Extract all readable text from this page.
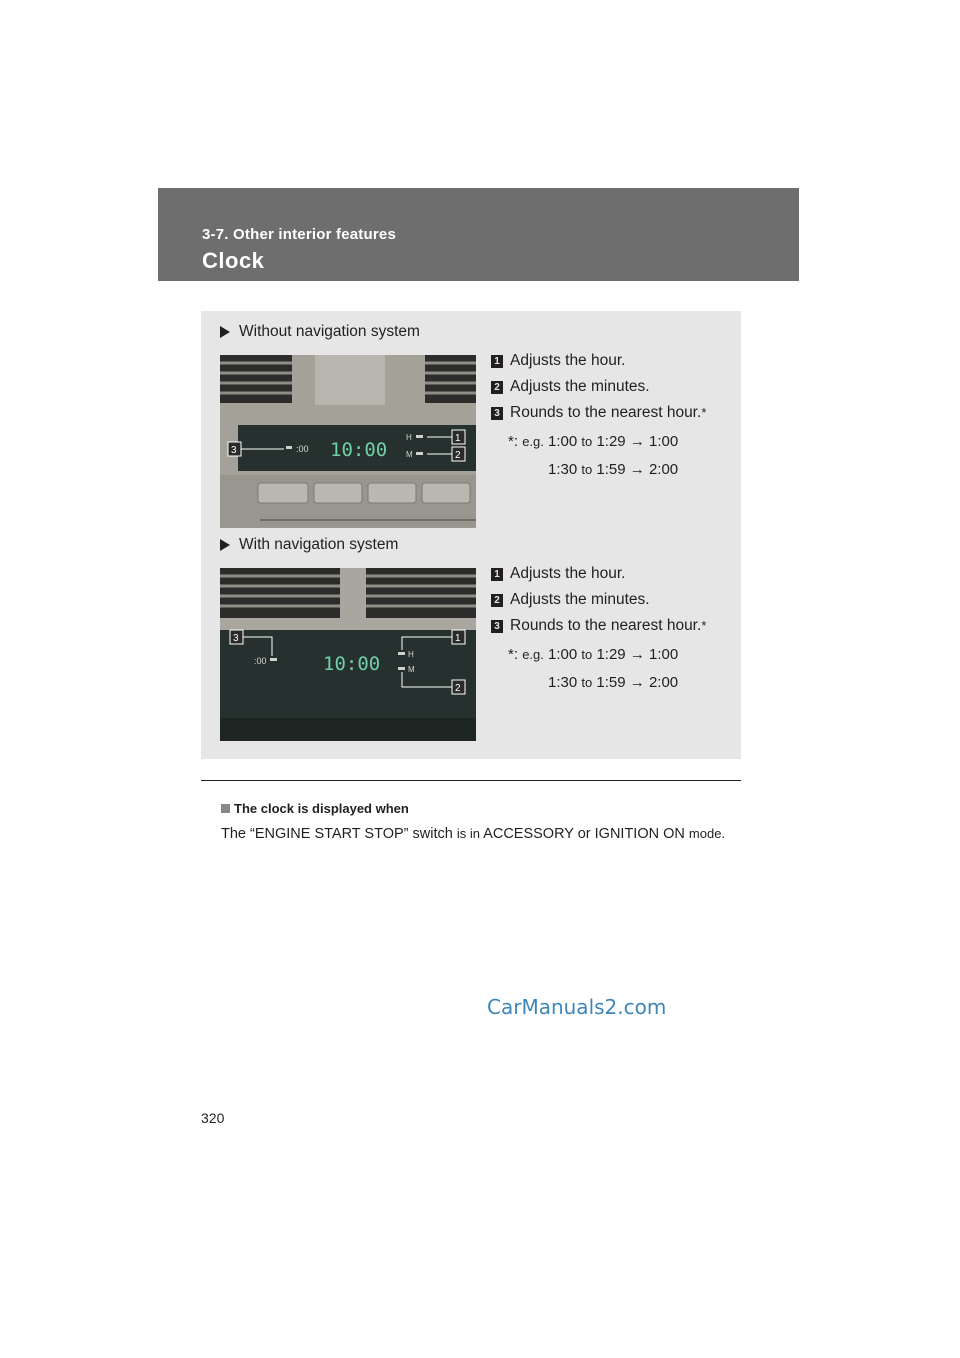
3-7. Other interior features
Clock
Without navigation system
:00 10:00
H
M
1
2
3
1 Adjusts the hour.
2 Adjusts the minutes.
3 Rounds to the nearest hour. *
*: e.g. 1:00 to 1:29 → 1:00
1:30 to 1:59 → 2:00
With navigation system
:00	10:00	H
M
1
2
3
1 Adjusts the hour.
2 Adjusts the minutes.
3 Rounds to the nearest hour. *
*: e.g. 1:00 to 1:29 → 1:00
1:30 to 1:59 → 2:00
The clock is displayed when
The “ENGINE START STOP” switch is in ACCESSORY or IGNITION ON mode.
CarManuals2.com
320
